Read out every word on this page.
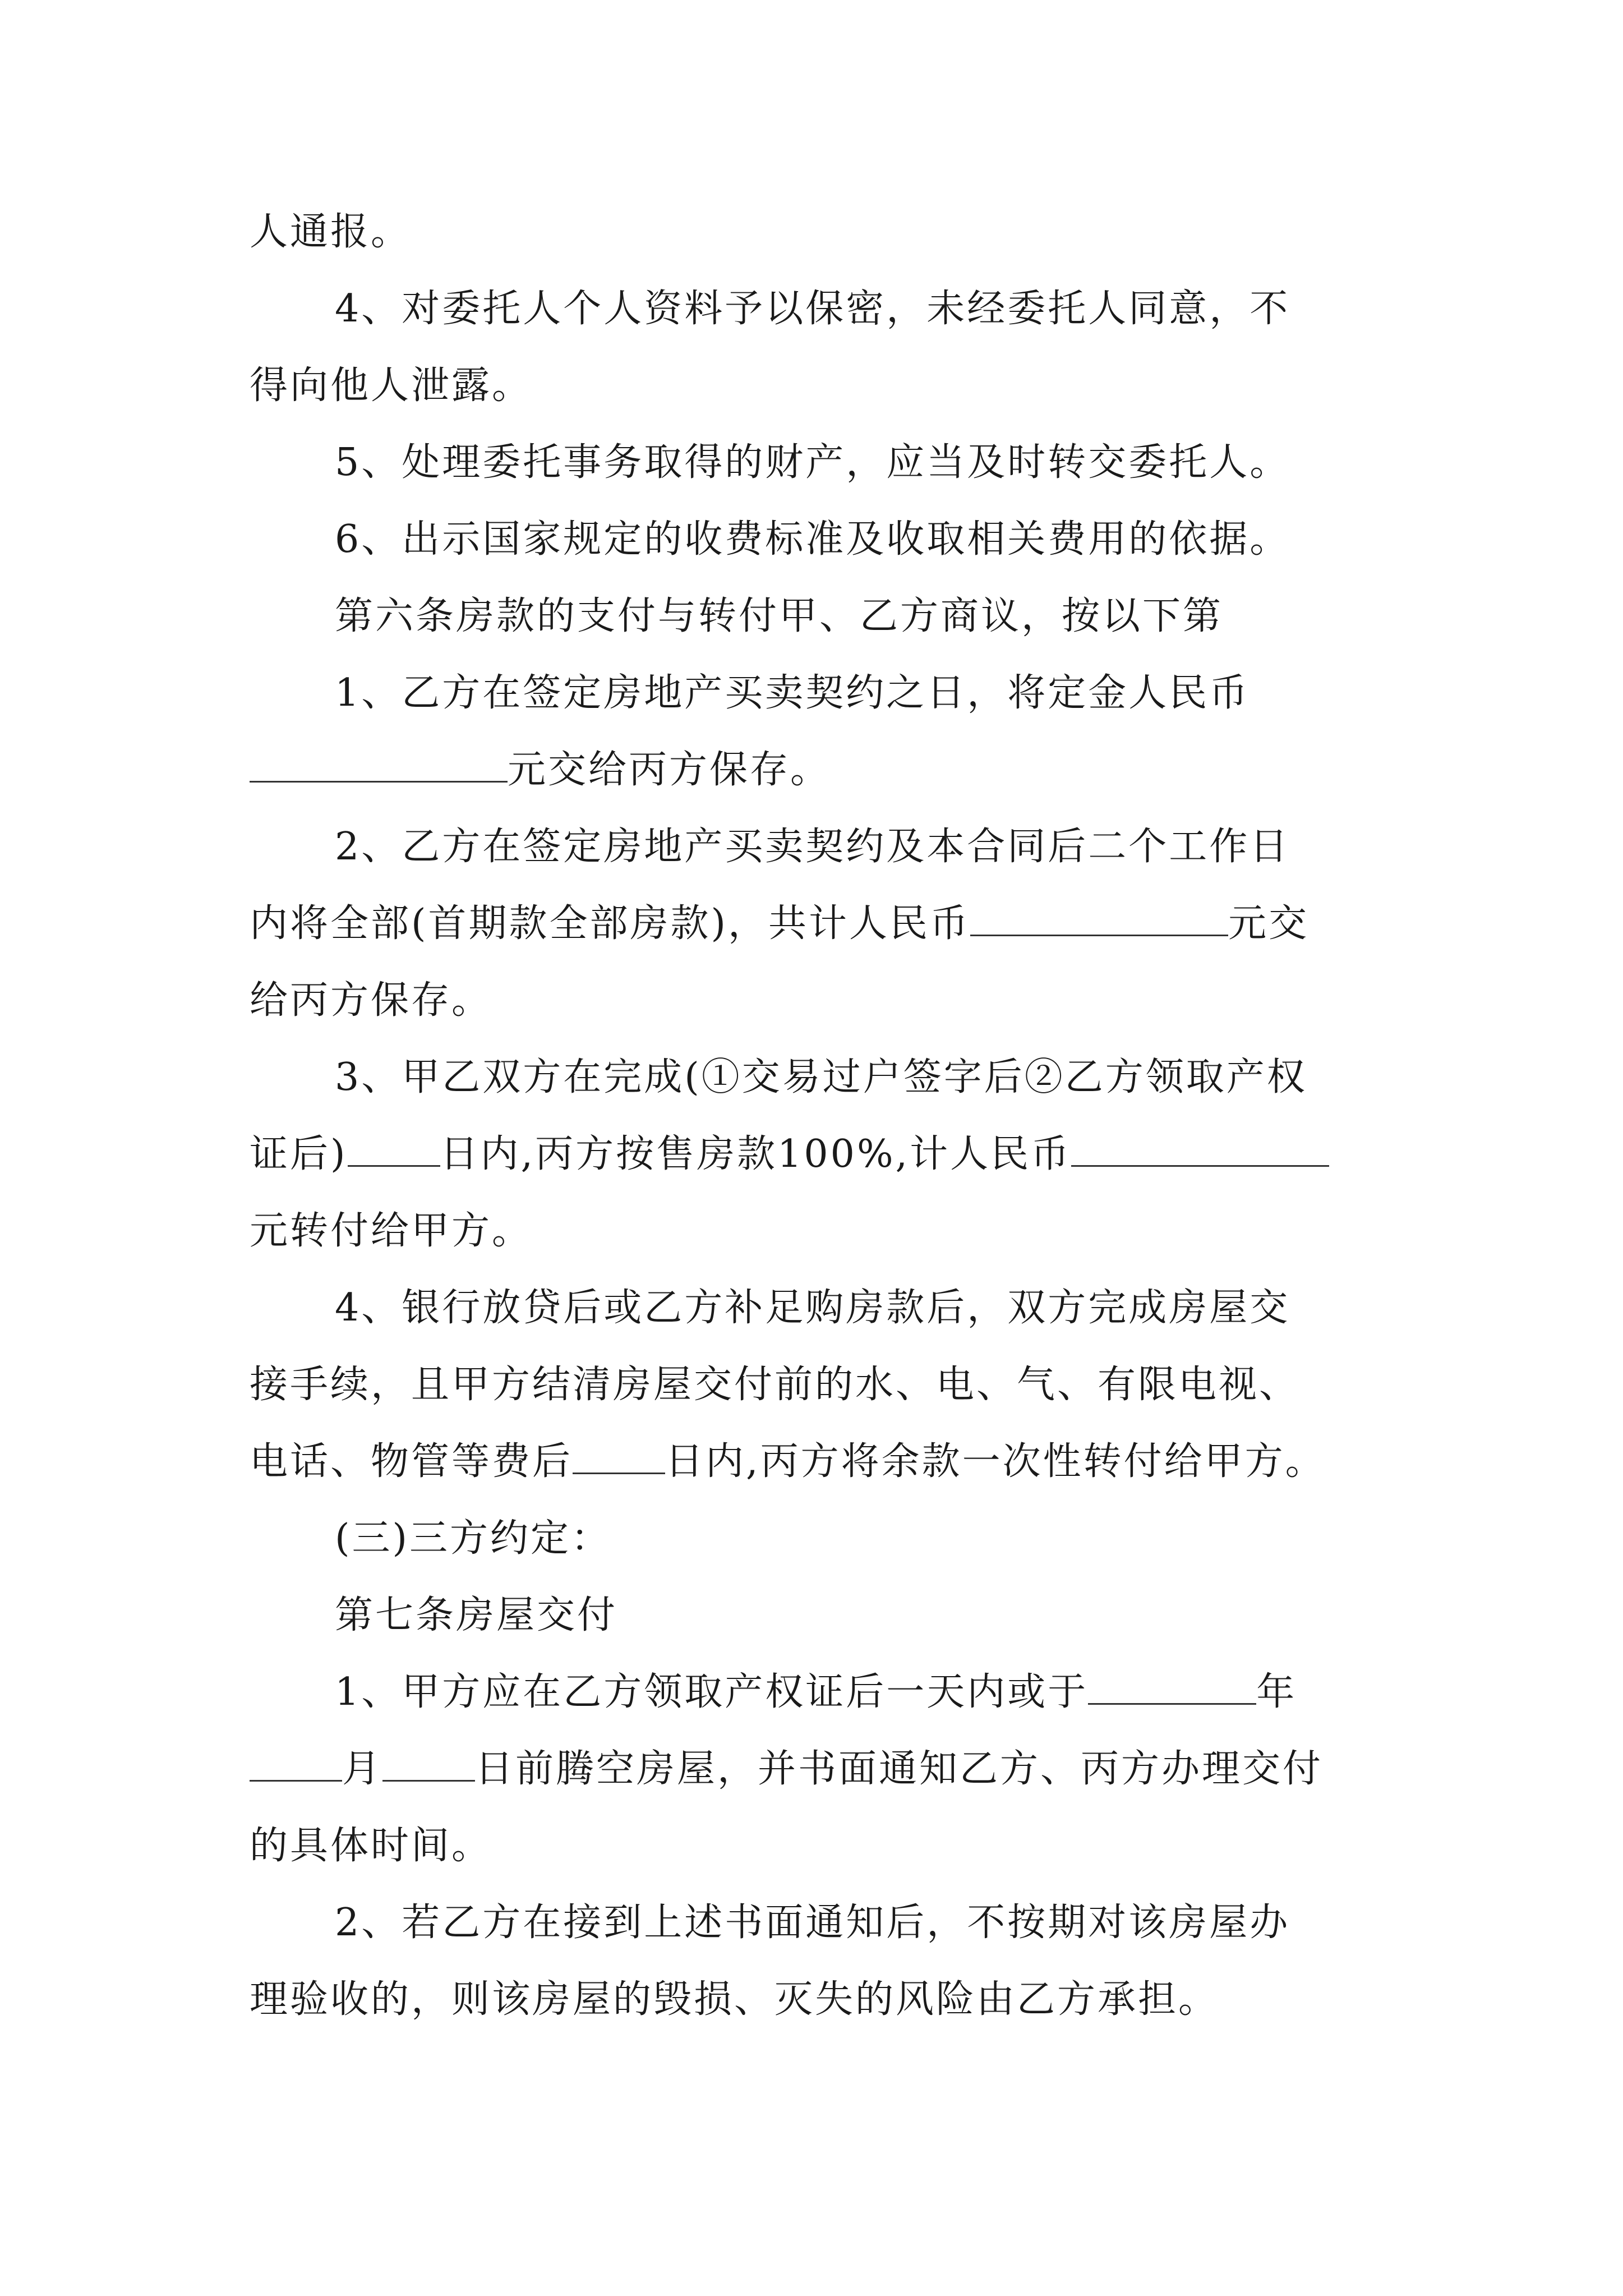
人通报。
4、对委托人个人资料予以保密，未经委托人同意，不
得向他人泄露。
5、处理委托事务取得的财产，应当及时转交委托人。
6、出示国家规定的收费标准及收取相关费用的依据。
第六条房款的支付与转付甲、乙方商议，按以下第
1、乙方在签定房地产买卖契约之日，将定金人民币
元交给丙方保存。
2、乙方在签定房地产买卖契约及本合同后二个工作日
内将全部(首期款全部房款)，共计人民币	元交
给丙方保存。
3、甲乙双方在完成(①交易过户签字后②乙方领取产权
证后) 日内,丙方按售房款100%,计人民币
元转付给甲方。
4、银行放贷后或乙方补足购房款后，双方完成房屋交
接手续，且甲方结清房屋交付前的水、电、气、有限电视、
电话、物管等费后 日内,丙方将余款一次性转付给甲方。
(三)三方约定：
第七条房屋交付
1、甲方应在乙方领取产权证后一天内或于	年
月 日前腾空房屋，并书面通知乙方、丙方办理交付
的具体时间。
2、若乙方在接到上述书面通知后，不按期对该房屋办
理验收的，则该房屋的毁损、灭失的风险由乙方承担。
